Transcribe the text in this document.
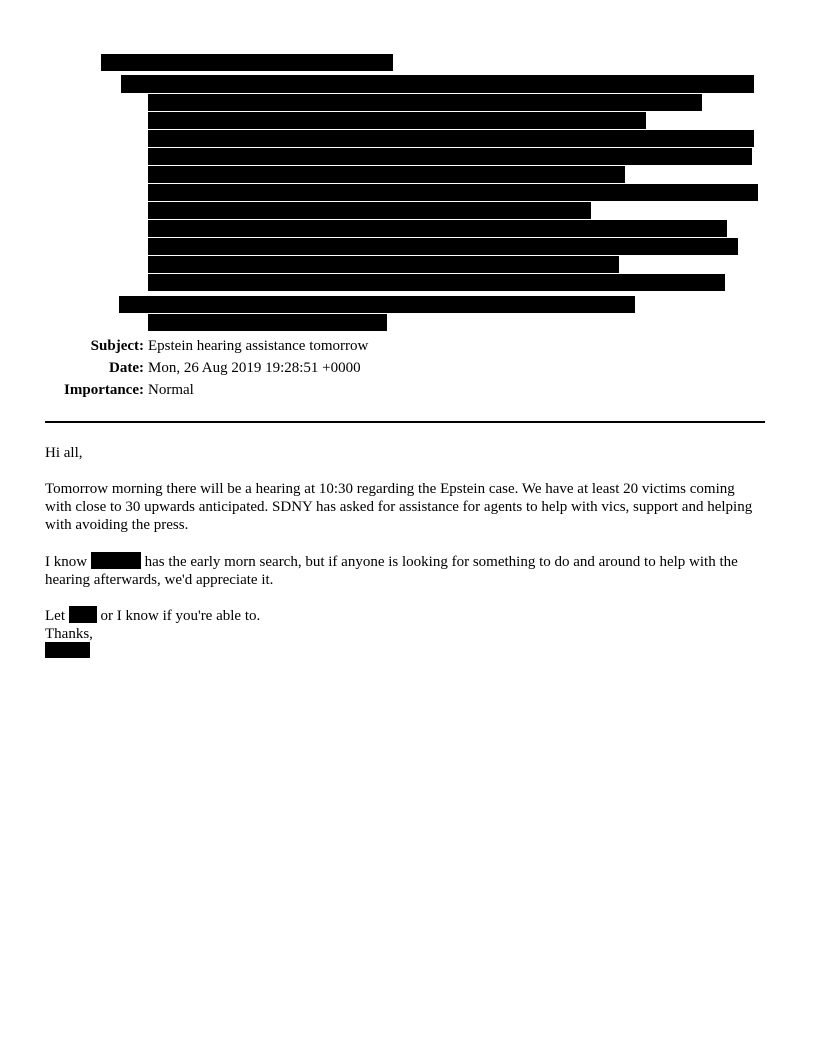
Subject: Epstein hearing assistance tomorrow
Date: Mon, 26 Aug 2019 19:28:51 +0000
Importance: Normal

Hi all,

Tomorrow morning there will be a hearing at 10:30 regarding the Epstein case. We have at least 20 victims coming with close to 30 upwards anticipated. SDNY has asked for assistance for agents to help with vics, support and helping with avoiding the press.

I know	has the early morn search, but if anyone is looking for something to do and around to help with the hearing afterwards, we'd appreciate it.

Let or I know if you're able to.

Thanks,
